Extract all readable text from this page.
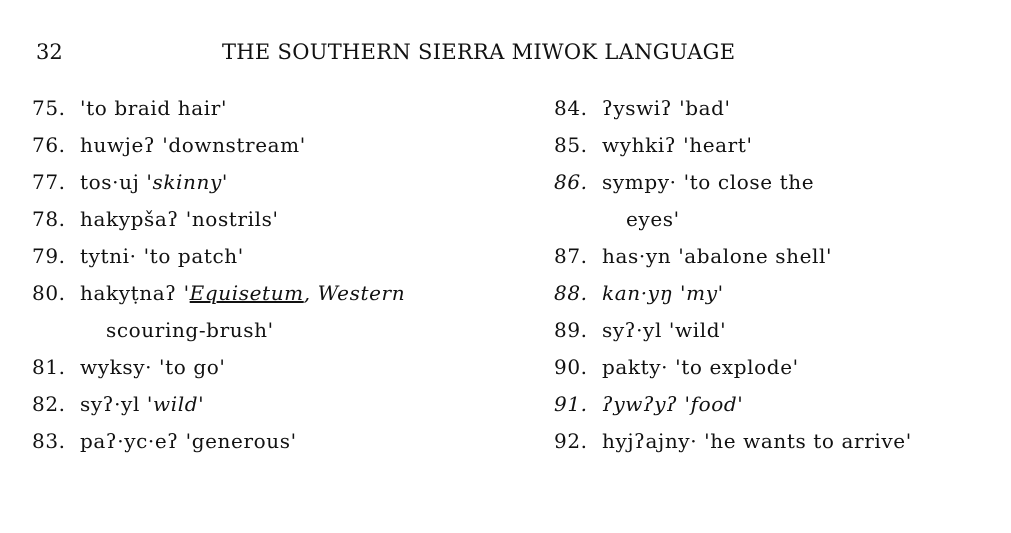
32	THE SOUTHERN SIERRA MIWOK LANGUAGE
75. 'to braid hair'
76. huwjeʔ 'downstream'
77. tos·uj 'skinny'
78. hakypšaʔ 'nostrils'
79. tytni· 'to patch'
80. hakyṭnaʔ 'Equisetum, Western
scouring-brush'
81. wyksy· 'to go'
82. syʔ·yl 'wild'
83. paʔ·yc·eʔ 'generous'
84. ʔyswiʔ 'bad'
85. wyhkiʔ 'heart'
86. sympy· 'to close the
eyes'
87. has·yn 'abalone shell'
88. kan·yŋ 'my'
89. syʔ·yl 'wild'
90. pakty· 'to explode'
91. ʔywʔyʔ 'food'
92. hyjʔajny· 'he wants to arrive'
